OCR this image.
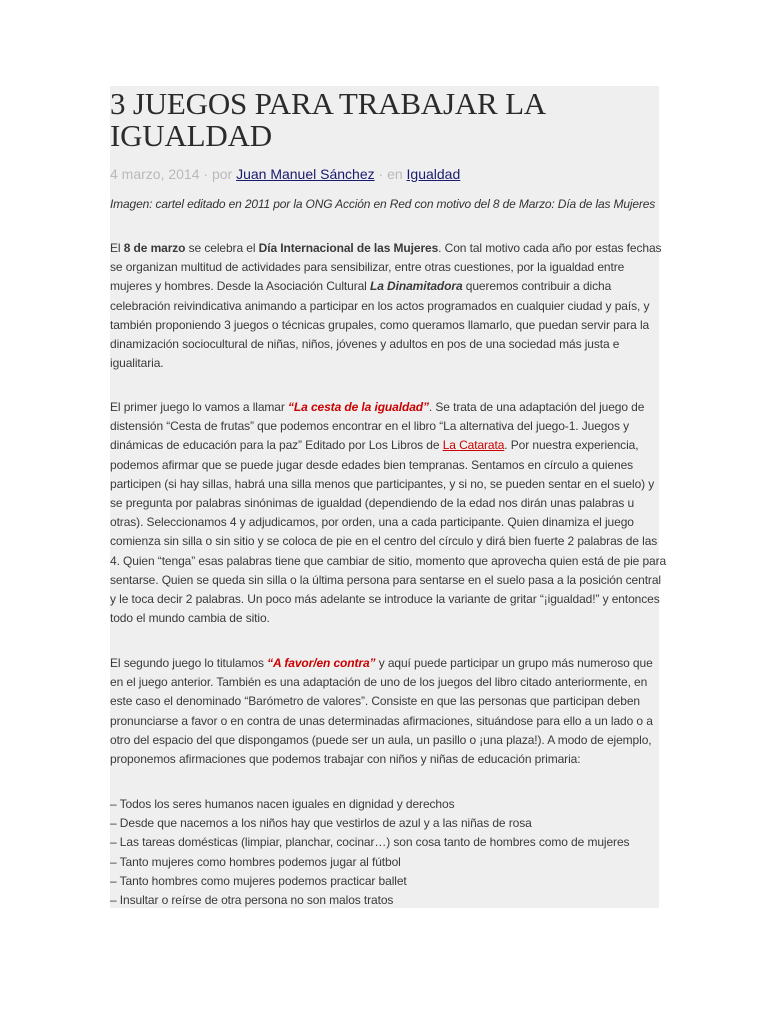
3 JUEGOS PARA TRABAJAR LA
IGUALDAD
4 marzo, 2014 · por Juan Manuel Sánchez · en Igualdad
Imagen: cartel editado en 2011 por la ONG Acción en Red con motivo del 8 de Marzo: Día de las Mujeres
El 8 de marzo se celebra el Día Internacional de las Mujeres. Con tal motivo cada año por estas fechas
se organizan multitud de actividades para sensibilizar, entre otras cuestiones, por la igualdad entre
mujeres y hombres. Desde la Asociación Cultural La Dinamitadora queremos contribuir a dicha
celebración reivindicativa animando a participar en los actos programados en cualquier ciudad y país, y
también proponiendo 3 juegos o técnicas grupales, como queramos llamarlo, que puedan servir para la
dinamización sociocultural de niñas, niños, jóvenes y adultos en pos de una sociedad más justa e
igualitaria.
El primer juego lo vamos a llamar “La cesta de la igualdad”. Se trata de una adaptación del juego de
distensión “Cesta de frutas” que podemos encontrar en el libro “La alternativa del juego-1. Juegos y
dinámicas de educación para la paz” Editado por Los Libros de La Catarata. Por nuestra experiencia,
podemos afirmar que se puede jugar desde edades bien tempranas. Sentamos en círculo a quienes
participen (si hay sillas, habrá una silla menos que participantes, y si no, se pueden sentar en el suelo) y
se pregunta por palabras sinónimas de igualdad (dependiendo de la edad nos dirán unas palabras u
otras). Seleccionamos 4 y adjudicamos, por orden, una a cada participante. Quien dinamiza el juego
comienza sin silla o sin sitio y se coloca de pie en el centro del círculo y dirá bien fuerte 2 palabras de las
4. Quien “tenga” esas palabras tiene que cambiar de sitio, momento que aprovecha quien está de pie para
sentarse. Quien se queda sin silla o la última persona para sentarse en el suelo pasa a la posición central
y le toca decir 2 palabras. Un poco más adelante se introduce la variante de gritar “¡igualdad!” y entonces
todo el mundo cambia de sitio.
El segundo juego lo titulamos “A favor/en contra” y aquí puede participar un grupo más numeroso que
en el juego anterior. También es una adaptación de uno de los juegos del libro citado anteriormente, en
este caso el denominado “Barómetro de valores”. Consiste en que las personas que participan deben
pronunciarse a favor o en contra de unas determinadas afirmaciones, situándose para ello a un lado o a
otro del espacio del que dispongamos (puede ser un aula, un pasillo o ¡una plaza!). A modo de ejemplo,
proponemos afirmaciones que podemos trabajar con niños y niñas de educación primaria:
– Todos los seres humanos nacen iguales en dignidad y derechos
– Desde que nacemos a los niños hay que vestirlos de azul y a las niñas de rosa
– Las tareas domésticas (limpiar, planchar, cocinar…) son cosa tanto de hombres como de mujeres
– Tanto mujeres como hombres podemos jugar al fútbol
– Tanto hombres como mujeres podemos practicar ballet
– Insultar o reírse de otra persona no son malos tratos
